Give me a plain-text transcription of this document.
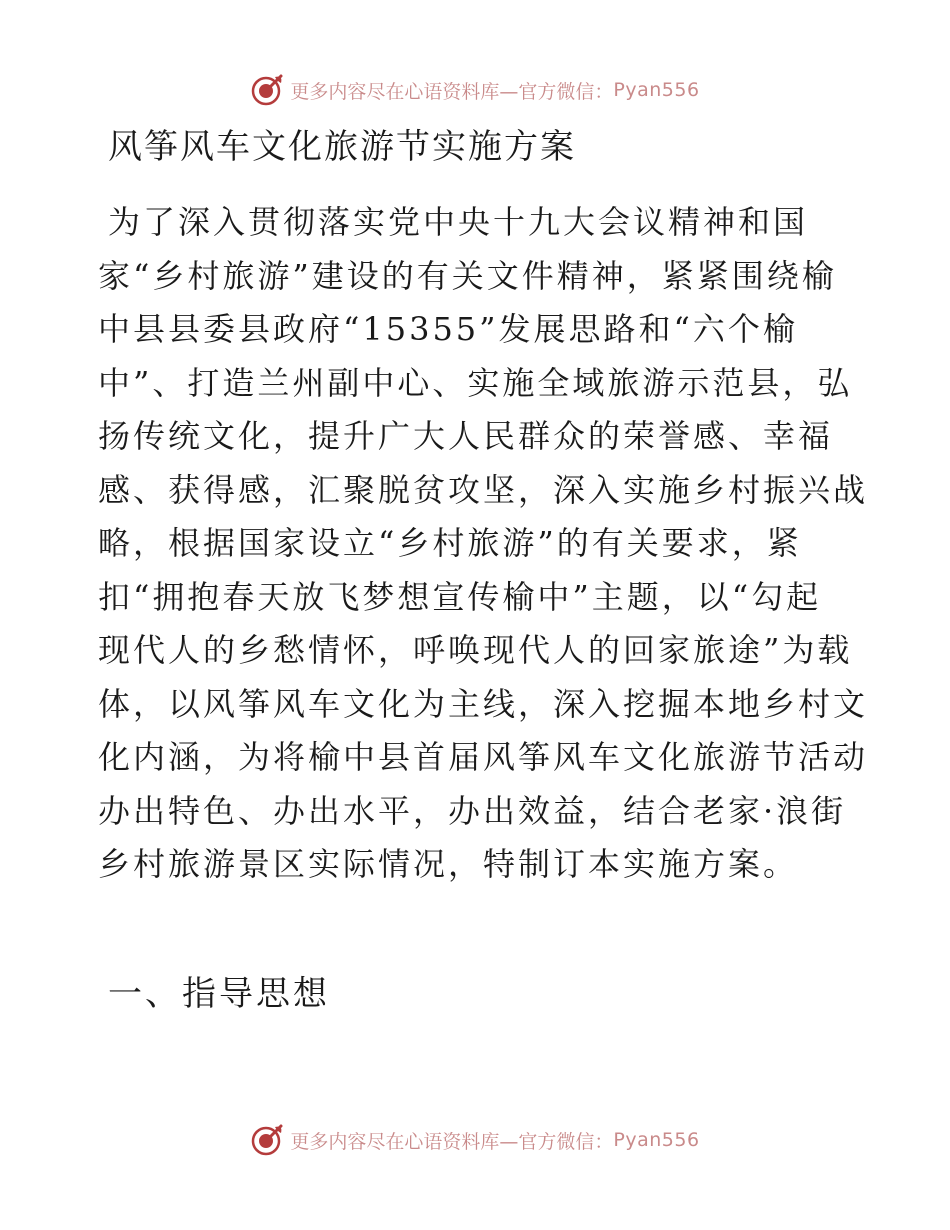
更多内容尽在心语资料库—官方微信： Pyan556
风筝风车文化旅游节实施方案
为了深入贯彻落实党中央十九大会议精神和国
家“乡村旅游”建设的有关文件精神，紧紧围绕榆
中县县委县政府“15355”发展思路和“六个榆
中”、打造兰州副中心、实施全域旅游示范县，弘
扬传统文化，提升广大人民群众的荣誉感、幸福
感、获得感，汇聚脱贫攻坚，深入实施乡村振兴战
略，根据国家设立“乡村旅游”的有关要求，紧
扣“拥抱春天放飞梦想宣传榆中”主题，以“勾起
现代人的乡愁情怀，呼唤现代人的回家旅途”为载
体，以风筝风车文化为主线，深入挖掘本地乡村文
化内涵，为将榆中县首届风筝风车文化旅游节活动
办出特色、办出水平，办出效益，结合老家·浪街
乡村旅游景区实际情况，特制订本实施方案。
一、指导思想
更多内容尽在心语资料库—官方微信： Pyan556
